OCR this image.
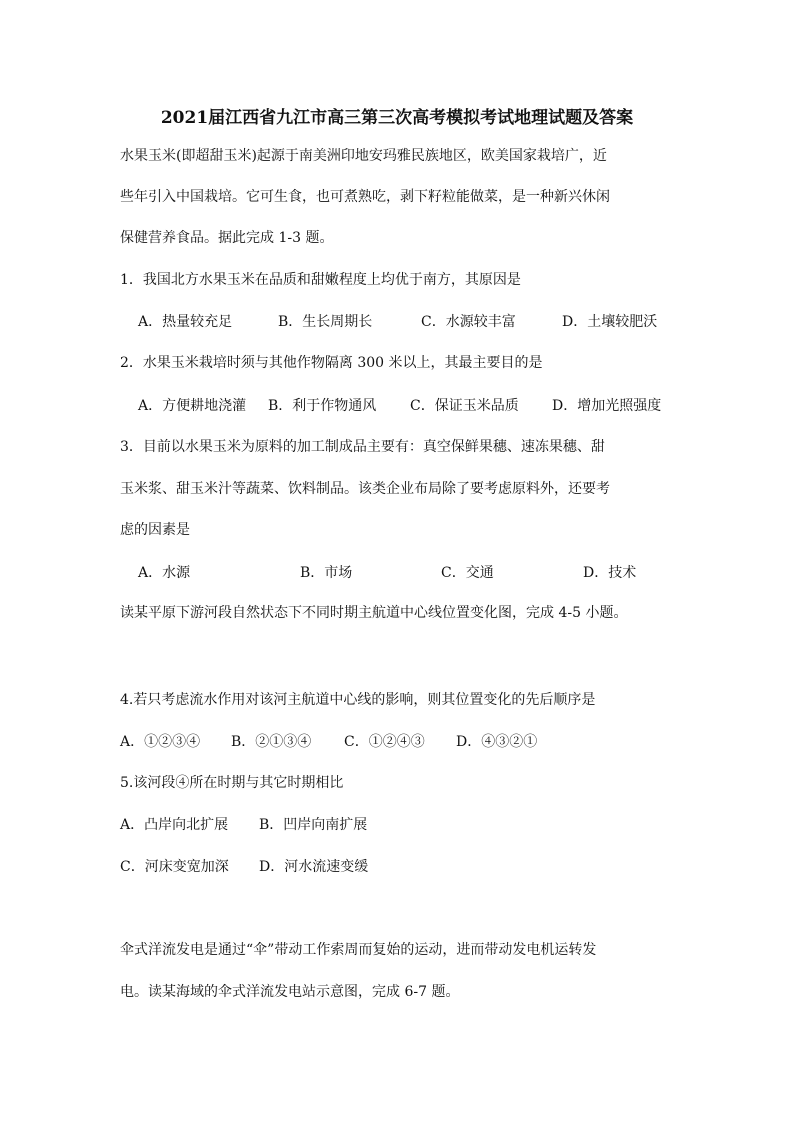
2021届江西省九江市高三第三次高考模拟考试地理试题及答案

水果玉米(即超甜玉米)起源于南美洲印地安玛雅民族地区，欧美国家栽培广，近

些年引入中国栽培。它可生食，也可煮熟吃，剥下籽粒能做菜，是一种新兴休闲

保健营养食品。据此完成 1-3 题。

1．我国北方水果玉米在品质和甜嫩程度上均优于南方，其原因是

A．热量较充足	B．生长周期长	C．水源较丰富	D．土壤较肥沃

2．水果玉米栽培时须与其他作物隔离 300 米以上，其最主要目的是

A．方便耕地浇灌 B．利于作物通风 C．保证玉米品质 D．增加光照强度

3．目前以水果玉米为原料的加工制成品主要有：真空保鲜果穗、速冻果穗、甜

玉米浆、甜玉米汁等蔬菜、饮料制品。该类企业布局除了要考虑原料外，还要考

虑的因素是

A．水源	B．市场	C．交通	D．技术

读某平原下游河段自然状态下不同时期主航道中心线位置变化图，完成 4-5 小题。

4.若只考虑流水作用对该河主航道中心线的影响，则其位置变化的先后顺序是

A．①②③④ B．②①③④ C．①②④③ D．④③②①

5.该河段④所在时期与其它时期相比

A．凸岸向北扩展 B．凹岸向南扩展
C．河床变宽加深 D．河水流速变缓

伞式洋流发电是通过“伞”带动工作索周而复始的运动，进而带动发电机运转发

电。读某海域的伞式洋流发电站示意图，完成 6-7 题。
